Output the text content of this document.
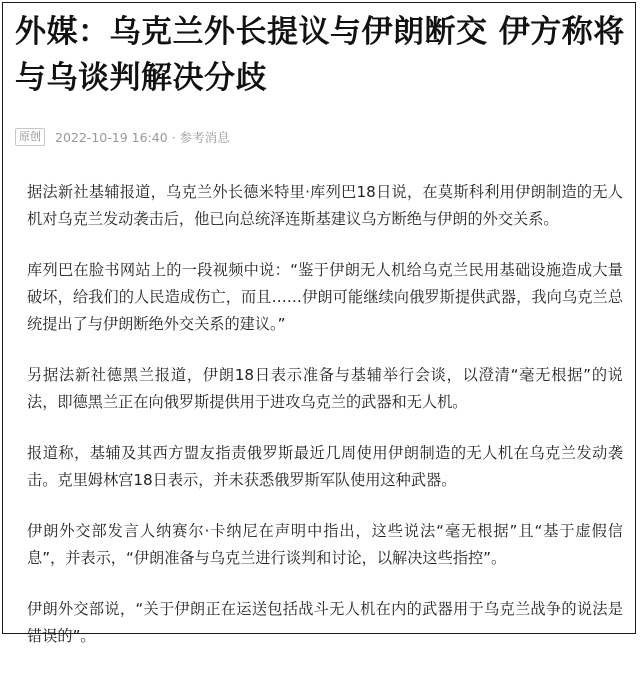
外媒：乌克兰外长提议与伊朗断交 伊方称将与乌谈判解决分歧
原创	2022-10-19 16:40 · 参考消息

据法新社基辅报道，乌克兰外长德米特里·库列巴18日说，在莫斯科利用伊朗制造的无人机对乌克兰发动袭击后，他已向总统泽连斯基建议乌方断绝与伊朗的外交关系。

库列巴在脸书网站上的一段视频中说：“鉴于伊朗无人机给乌克兰民用基础设施造成大量破坏，给我们的人民造成伤亡，而且……伊朗可能继续向俄罗斯提供武器，我向乌克兰总统提出了与伊朗断绝外交关系的建议。”

另据法新社德黑兰报道，伊朗18日表示准备与基辅举行会谈，以澄清“毫无根据”的说法，即德黑兰正在向俄罗斯提供用于进攻乌克兰的武器和无人机。

报道称，基辅及其西方盟友指责俄罗斯最近几周使用伊朗制造的无人机在乌克兰发动袭击。克里姆林宫18日表示，并未获悉俄罗斯军队使用这种武器。

伊朗外交部发言人纳赛尔·卡纳尼在声明中指出，这些说法“毫无根据”且“基于虚假信息”，并表示，“伊朗准备与乌克兰进行谈判和讨论，以解决这些指控”。

伊朗外交部说，“关于伊朗正在运送包括战斗无人机在内的武器用于乌克兰战争的说法是错误的”。
